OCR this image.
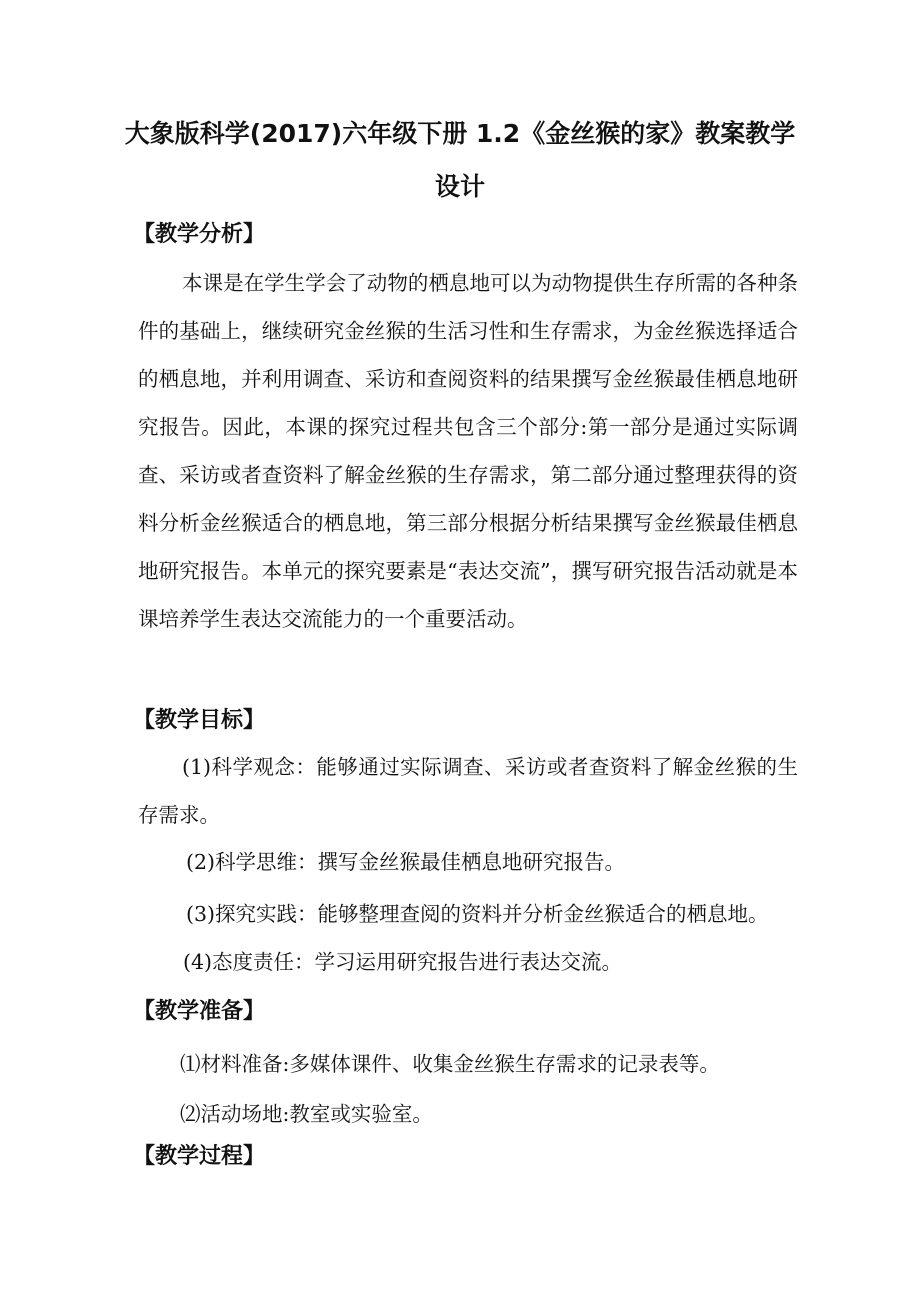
大象版科学(2017)六年级下册 1.2《金丝猴的家》教案教学
设计
【教学分析】
本课是在学生学会了动物的栖息地可以为动物提供生存所需的各种条件的基础上，继续研究金丝猴的生活习性和生存需求，为金丝猴选择适合的栖息地，并利用调查、采访和查阅资料的结果撰写金丝猴最佳栖息地研究报告。因此，本课的探究过程共包含三个部分:第一部分是通过实际调查、采访或者查资料了解金丝猴的生存需求，第二部分通过整理获得的资料分析金丝猴适合的栖息地，第三部分根据分析结果撰写金丝猴最佳栖息地研究报告。本单元的探究要素是“表达交流”，撰写研究报告活动就是本课培养学生表达交流能力的一个重要活动。
【教学目标】
(1)科学观念：能够通过实际调查、采访或者查资料了解金丝猴的生存需求。
(2)科学思维：撰写金丝猴最佳栖息地研究报告。
(3)探究实践：能够整理查阅的资料并分析金丝猴适合的栖息地。
(4)态度责任：学习运用研究报告进行表达交流。
【教学准备】
⑴材料准备:多媒体课件、收集金丝猴生存需求的记录表等。
⑵活动场地:教室或实验室。
【教学过程】
